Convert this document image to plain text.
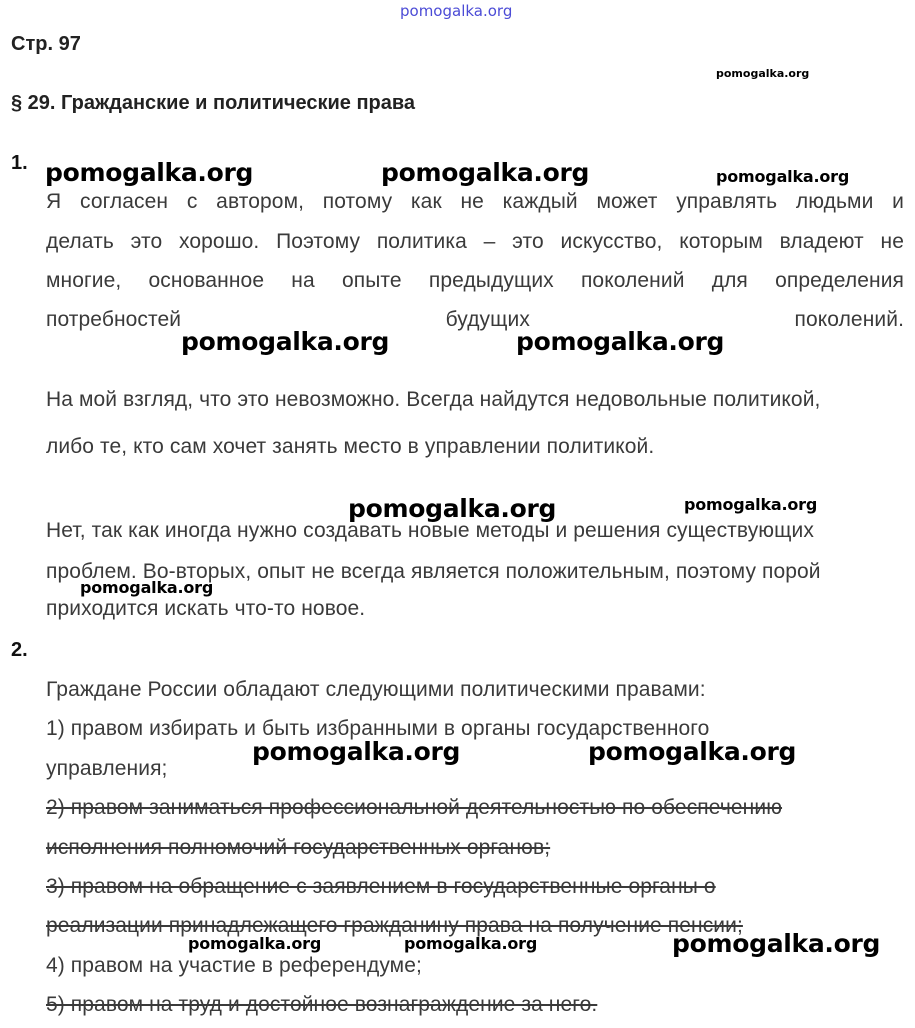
pomogalka.org
Стр. 97
pomogalka.org
§ 29. Гражданские и политические права
1. pomogalka.org	pomogalka.org	pomogalka.org
Я согласен с автором, потому как не каждый может управлять людьми и
делать это хорошо. Поэтому политика – это искусство, которым владеют не
многие, основанное на опыте предыдущих поколений для определения
потребностей будущих поколений.
pomogalka.org	pomogalka.org
На мой взгляд, что это невозможно. Всегда найдутся недовольные политикой,
либо те, кто сам хочет занять место в управлении политикой.
pomogalka.org	pomogalka.org
Нет, так как иногда нужно создавать новые методы и решения существующих
проблем. Во-вторых, опыт не всегда является положительным, поэтому порой
pomogalka.org
приходится искать что-то новое.
2.
Граждане России обладают следующими политическими правами:
1) правом избирать и быть избранными в органы государственного
pomogalka.org	pomogalka.org
управления;
2) правом заниматься профессиональной деятельностью по обеспечению
исполнения полномочий государственных органов;
3) правом на обращение с заявлением в государственные органы о
реализации принадлежащего гражданину права на получение пенсии;
pomogalka.org	pomogalka.org	pomogalka.org
4) правом на участие в референдуме;
5) правом на труд и достойное вознаграждение за него.
